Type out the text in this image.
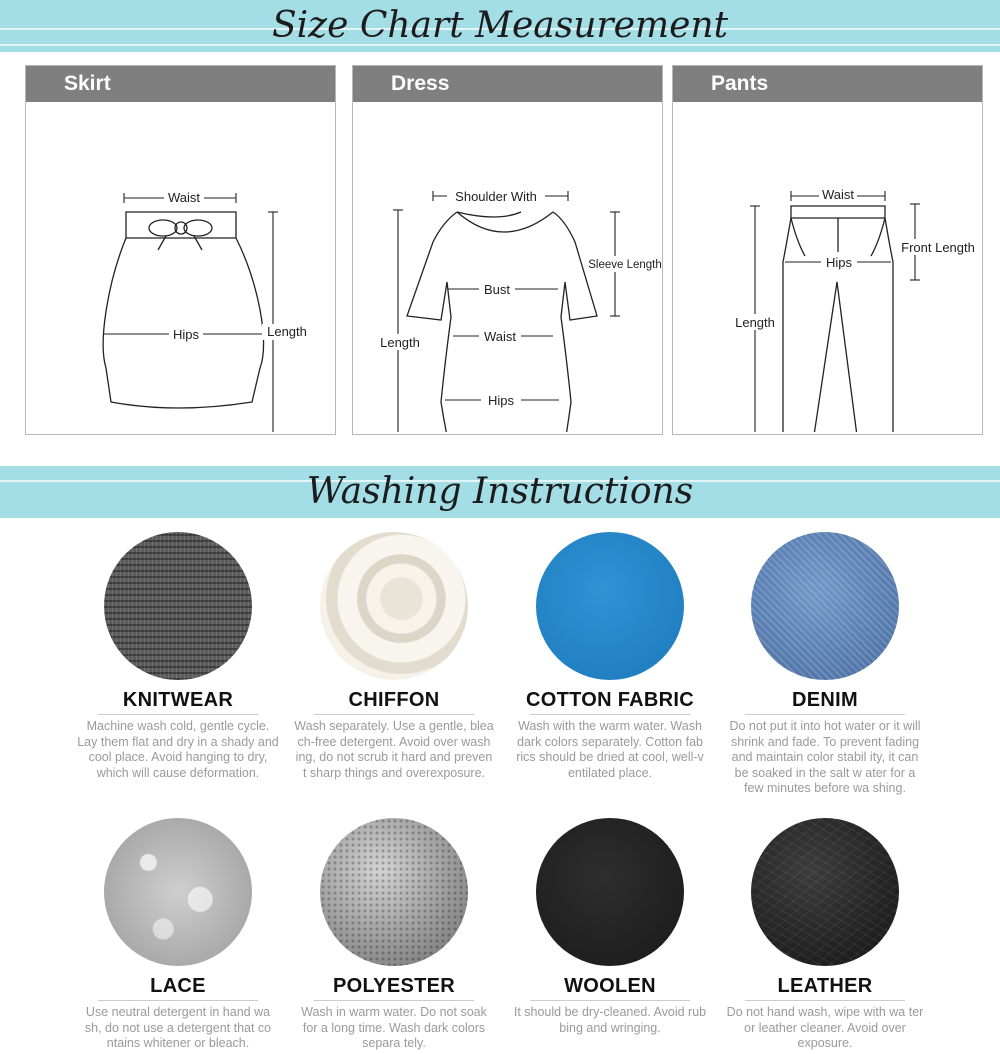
Size Chart Measurement
Skirt
Waist
Hips	Length
Dress
Shoulder With
Sleeve Length
Bust
Waist
Hips
Length
Pants
Waist
Front Length
Hips
Length
Washing Instructions
KNITWEAR
Machine wash cold, gentle cycle. Lay them flat and dry in a shady and cool place. Avoid hanging to dry, which will cause deformation.
CHIFFON
Wash separately. Use a gentle, blea ch-free detergent. Avoid over wash ing, do not scrub it hard and preven t sharp things and overexposure.
COTTON FABRIC
Wash with the warm water. Wash dark colors separately. Cotton fab rics should be dried at cool, well-v entilated place.
DENIM
Do not put it into hot water or it will shrink and fade. To prevent fading and maintain color stabil ity, it can be soaked in the salt w ater for a few minutes before wa shing.
LACE
Use neutral detergent in hand wa sh, do not use a detergent that co ntains whitener or bleach.
POLYESTER
Wash in warm water. Do not soak for a long time. Wash dark colors separa tely.
WOOLEN
It should be dry-cleaned. Avoid rub bing and wringing.
LEATHER
Do not hand wash, wipe with wa ter or leather cleaner. Avoid over exposure.
